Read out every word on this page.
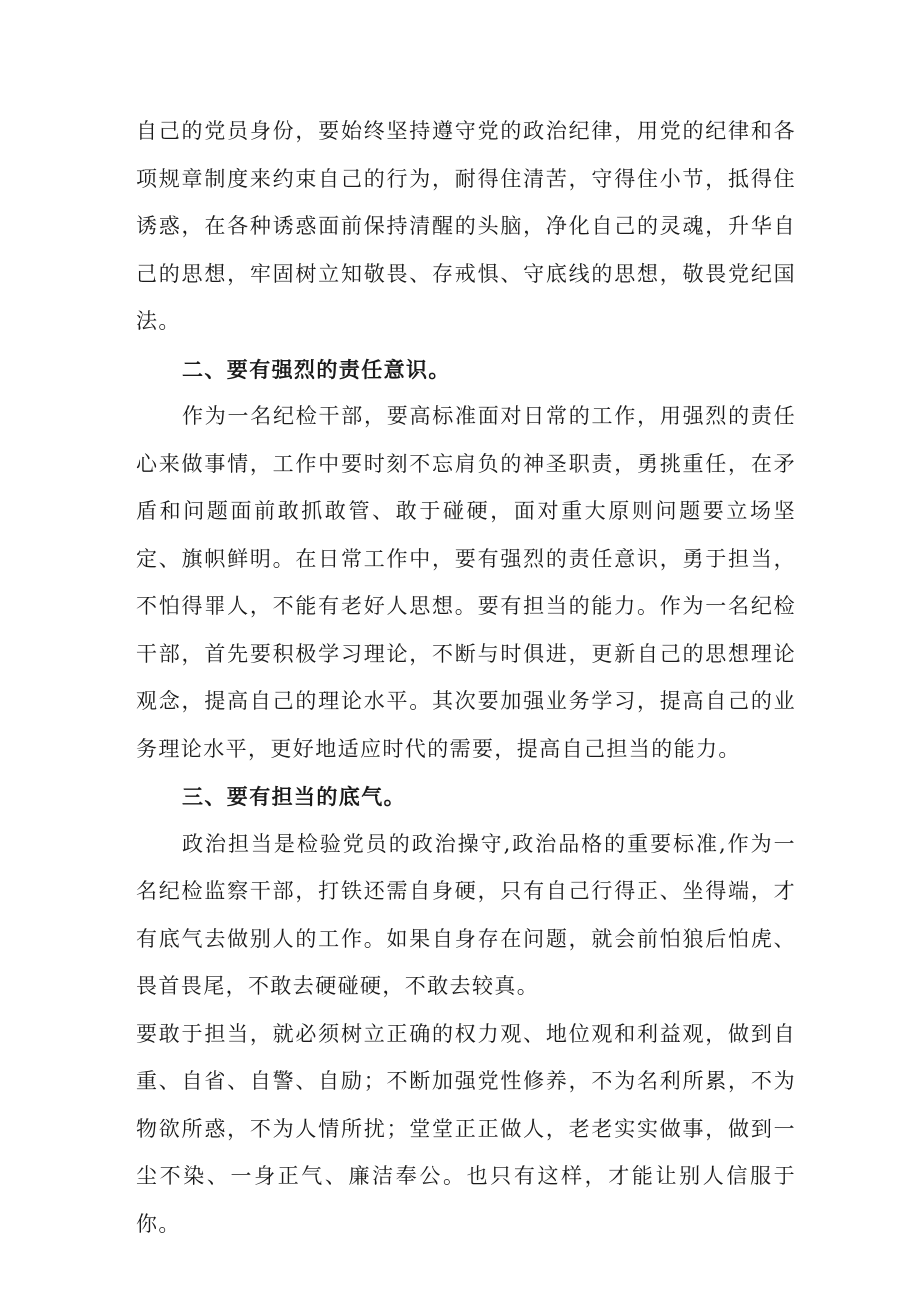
自己的党员身份，要始终坚持遵守党的政治纪律，用党的纪律和各项规章制度来约束自己的行为，耐得住清苦，守得住小节，抵得住诱惑，在各种诱惑面前保持清醒的头脑，净化自己的灵魂，升华自己的思想，牢固树立知敬畏、存戒惧、守底线的思想，敬畏党纪国法。

二、要有强烈的责任意识。

作为一名纪检干部，要高标准面对日常的工作，用强烈的责任心来做事情，工作中要时刻不忘肩负的神圣职责，勇挑重任，在矛盾和问题面前敢抓敢管、敢于碰硬，面对重大原则问题要立场坚定、旗帜鲜明。在日常工作中，要有强烈的责任意识，勇于担当，不怕得罪人，不能有老好人思想。要有担当的能力。作为一名纪检干部，首先要积极学习理论，不断与时俱进，更新自己的思想理论观念，提高自己的理论水平。其次要加强业务学习，提高自己的业务理论水平，更好地适应时代的需要，提高自己担当的能力。

三、要有担当的底气。

政治担当是检验党员的政治操守,政治品格的重要标准,作为一名纪检监察干部，打铁还需自身硬，只有自己行得正、坐得端，才有底气去做别人的工作。如果自身存在问题，就会前怕狼后怕虎、畏首畏尾，不敢去硬碰硬，不敢去较真。

要敢于担当，就必须树立正确的权力观、地位观和利益观，做到自重、自省、自警、自励；不断加强党性修养，不为名利所累，不为物欲所惑，不为人情所扰；堂堂正正做人，老老实实做事，做到一尘不染、一身正气、廉洁奉公。也只有这样，才能让别人信服于你。
